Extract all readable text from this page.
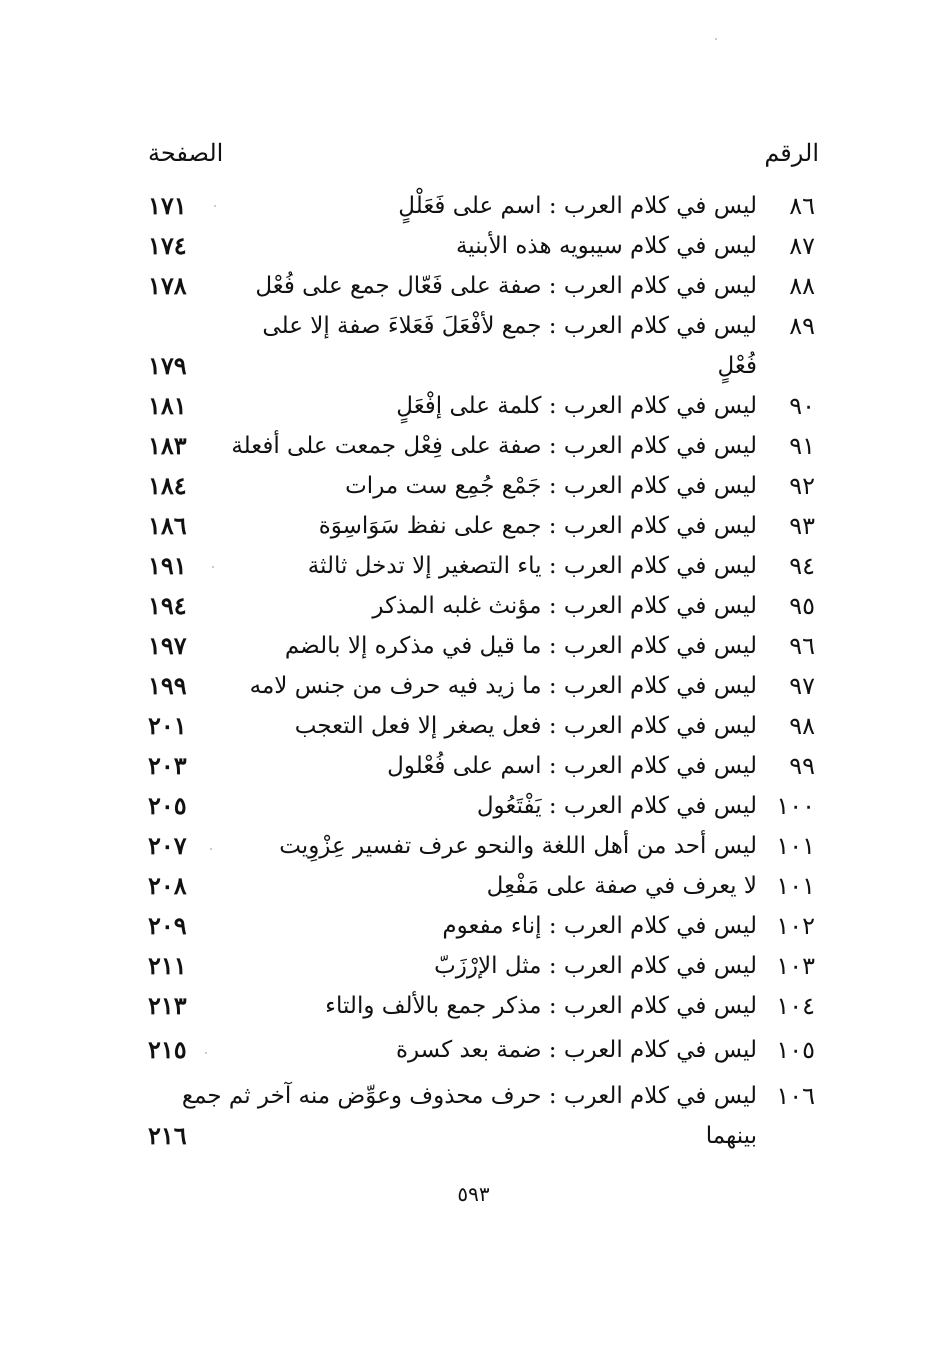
الرقم
الصفحة
٨٦
ليس في كلام العرب : اسم على فَعَلْلٍ
١٧١
٨٧
ليس في كلام سيبويه هذه الأبنية
١٧٤
٨٨
ليس في كلام العرب : صفة على فَعّال جمع على فُعْل
١٧٨
٨٩
ليس في كلام العرب : جمع لأفْعَلَ فَعَلاءَ صفة إلا على
فُعْلٍ
١٧٩
٩٠
ليس في كلام العرب : كلمة على إفْعَلٍ
١٨١
٩١
ليس في كلام العرب : صفة على فِعْل جمعت على أفعلة
١٨٣
٩٢
ليس في كلام العرب : جَمْع جُمِع ست مرات
١٨٤
٩٣
ليس في كلام العرب : جمع على نفظ سَوَاسِوَة
١٨٦
٩٤
ليس في كلام العرب : ياء التصغير إلا تدخل ثالثة
١٩١
٩٥
ليس في كلام العرب : مؤنث غلبه المذكر
١٩٤
٩٦
ليس في كلام العرب : ما قيل في مذكره إلا بالضم
١٩٧
٩٧
ليس في كلام العرب : ما زيد فيه حرف من جنس لامه
١٩٩
٩٨
ليس في كلام العرب : فعل يصغر إلا فعل التعجب
٢٠١
٩٩
ليس في كلام العرب : اسم على فُعْلول
٢٠٣
١٠٠
ليس في كلام العرب : يَفْتَعُول
٢٠٥
١٠١
ليس أحد من أهل اللغة والنحو عرف تفسير عِزْوِيت
٢٠٧
١٠١
لا يعرف في صفة على مَفْعِل
٢٠٨
١٠٢
ليس في كلام العرب : إناء مفعوم
٢٠٩
١٠٣
ليس في كلام العرب : مثل الإرْزَبّ
٢١١
١٠٤
ليس في كلام العرب : مذكر جمع بالألف والتاء
٢١٣
١٠٥
ليس في كلام العرب : ضمة بعد كسرة
٢١٥
١٠٦
ليس في كلام العرب : حرف محذوف وعوِّض منه آخر ثم جمع
بينهما
٢١٦
٥٩٣
